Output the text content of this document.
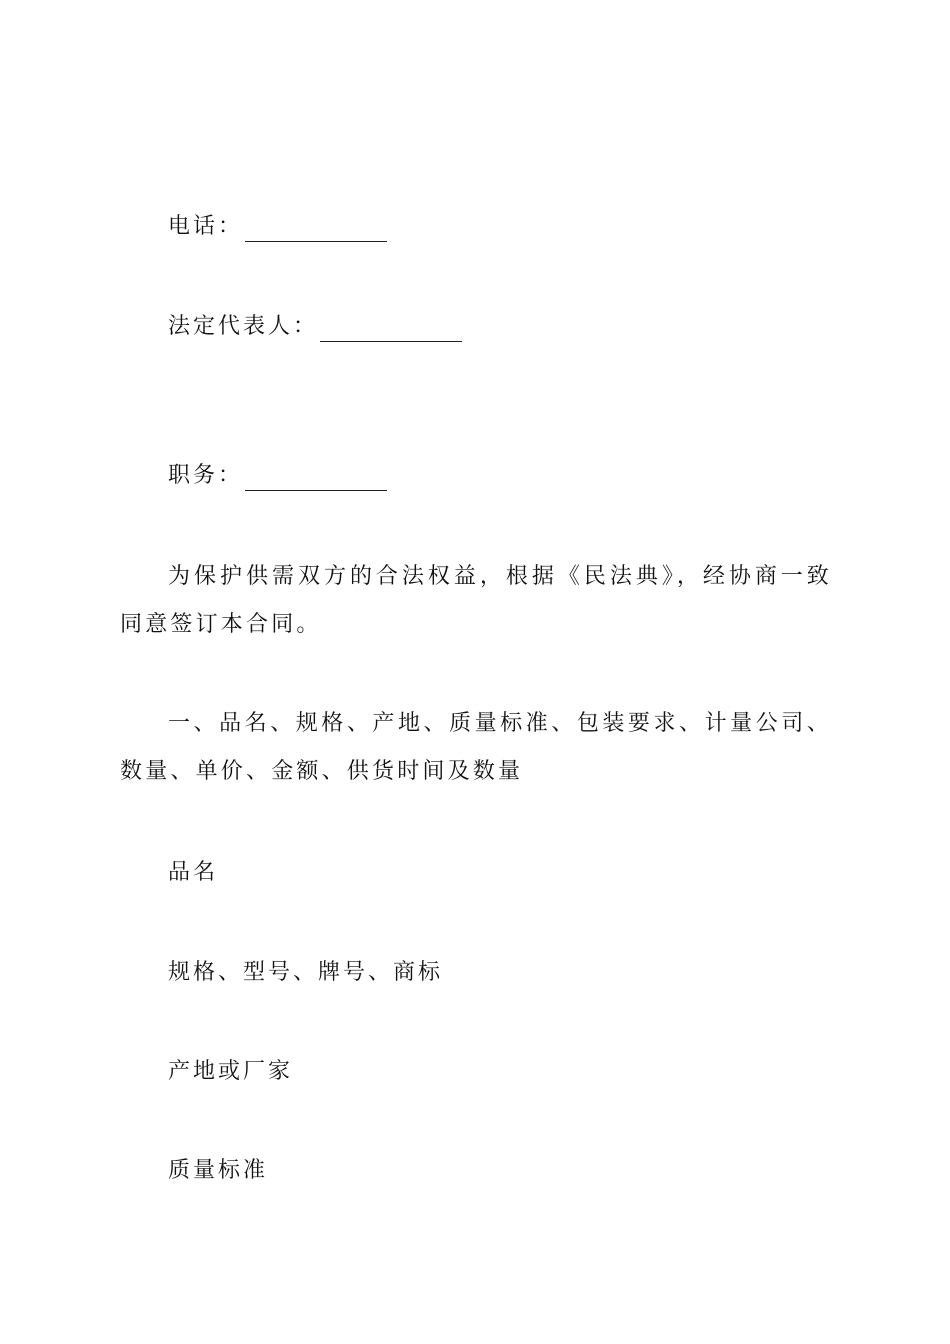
电话：
法定代表人：
职务：
为保护供需双方的合法权益，根据《民法典》，经协商一致同意签订本合同。
一、品名、规格、产地、质量标准、包装要求、计量公司、数量、单价、金额、供货时间及数量
品名
规格、型号、牌号、商标
产地或厂家
质量标准
